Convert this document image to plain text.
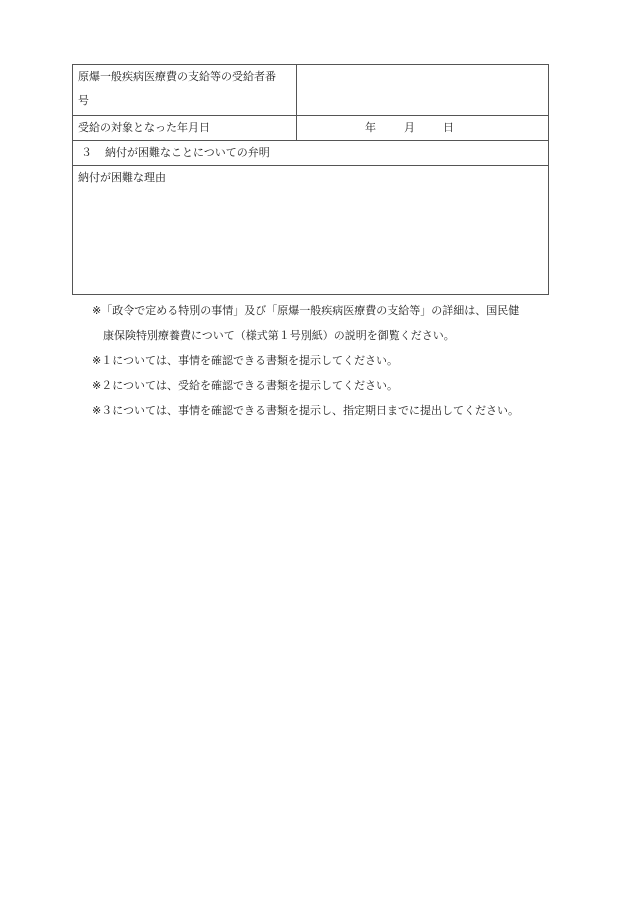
原爆一般疾病医療費の支給等の受給者番
号	

受給の対象となった年月日	年 月 日
３ 納付が困難なことについての弁明	

納付が困難な理由	

※「政令で定める特別の事情」及び「原爆一般疾病医療費の支給等」の詳細は、国民健

康保険特別療養費について（様式第１号別紙）の説明を御覧ください。

※１については、事情を確認できる書類を提示してください。

※２については、受給を確認できる書類を提示してください。

※３については、事情を確認できる書類を提示し、指定期日までに提出してください。
